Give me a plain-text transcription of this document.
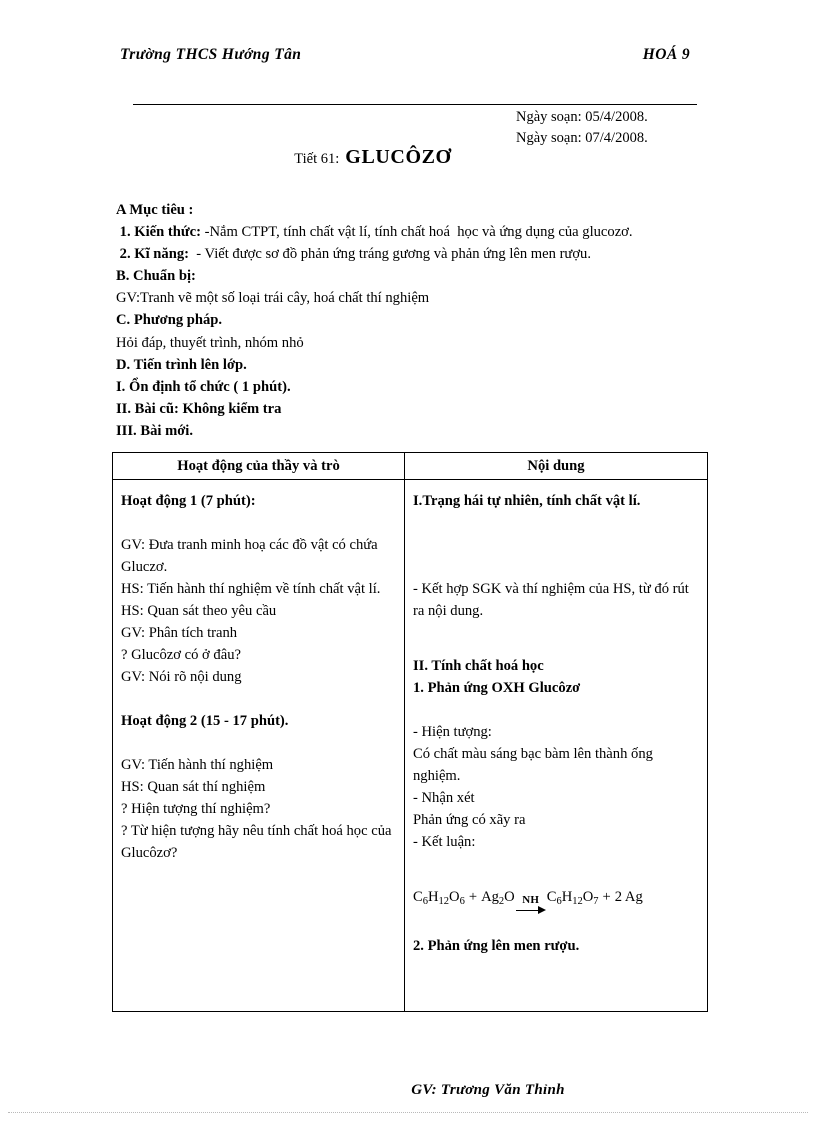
Trường THCS Hướng Tân	HOÁ 9
Ngày soạn: 05/4/2008.
Ngày soạn: 07/4/2008.
Tiết 61: GLUCÔZƠ
A Mục tiêu :
1. Kiến thức: -Nắm CTPT, tính chất vật lí, tính chất hoá  học và ứng dụng của glucozơ.
2. Kĩ năng:  - Viết được sơ đồ phản ứng tráng gương và phản ứng lên men rượu.
B. Chuẩn bị:
GV:Tranh vẽ một số loại trái cây, hoá chất thí nghiệm
C. Phương pháp.
Hỏi đáp, thuyết trình, nhóm nhỏ
D. Tiến trình lên lớp.
I. Ổn định tổ chức ( 1 phút).
II. Bài cũ: Không kiểm tra
III. Bài mới.
Hoạt động của thầy và trò	Nội dung
Hoạt động 1 (7 phút):
GV: Đưa tranh minh hoạ các đồ vật có chứa Gluczơ.
HS: Tiến hành thí nghiệm về tính chất vật lí.
HS: Quan sát theo yêu cầu
GV: Phân tích tranh
? Glucôzơ có ở đâu?
GV: Nói rõ nội dung
Hoạt động 2 (15 - 17 phút).
GV: Tiến hành thí nghiệm
HS: Quan sát thí nghiệm
? Hiện tượng thí nghiệm?
? Từ hiện tượng hãy nêu tính chất hoá học của Glucôzơ?
I.Trạng hái tự nhiên, tính chất vật lí.
- Kết hợp SGK và thí nghiệm của HS, từ đó rút ra nội dung.
II. Tính chất hoá học
1. Phản ứng OXH Glucôzơ
- Hiện tượng:
Có chất màu sáng bạc bàm lên thành ống nghiệm.
- Nhận xét
Phản ứng có xãy ra
- Kết luận:
$C_6H_{12}O_6 + Ag_2O$ NH $C_6H_{12}O_7 + 2$ Ag
2. Phản ứng lên men rượu.
GV: Trương Văn Thỉnh
